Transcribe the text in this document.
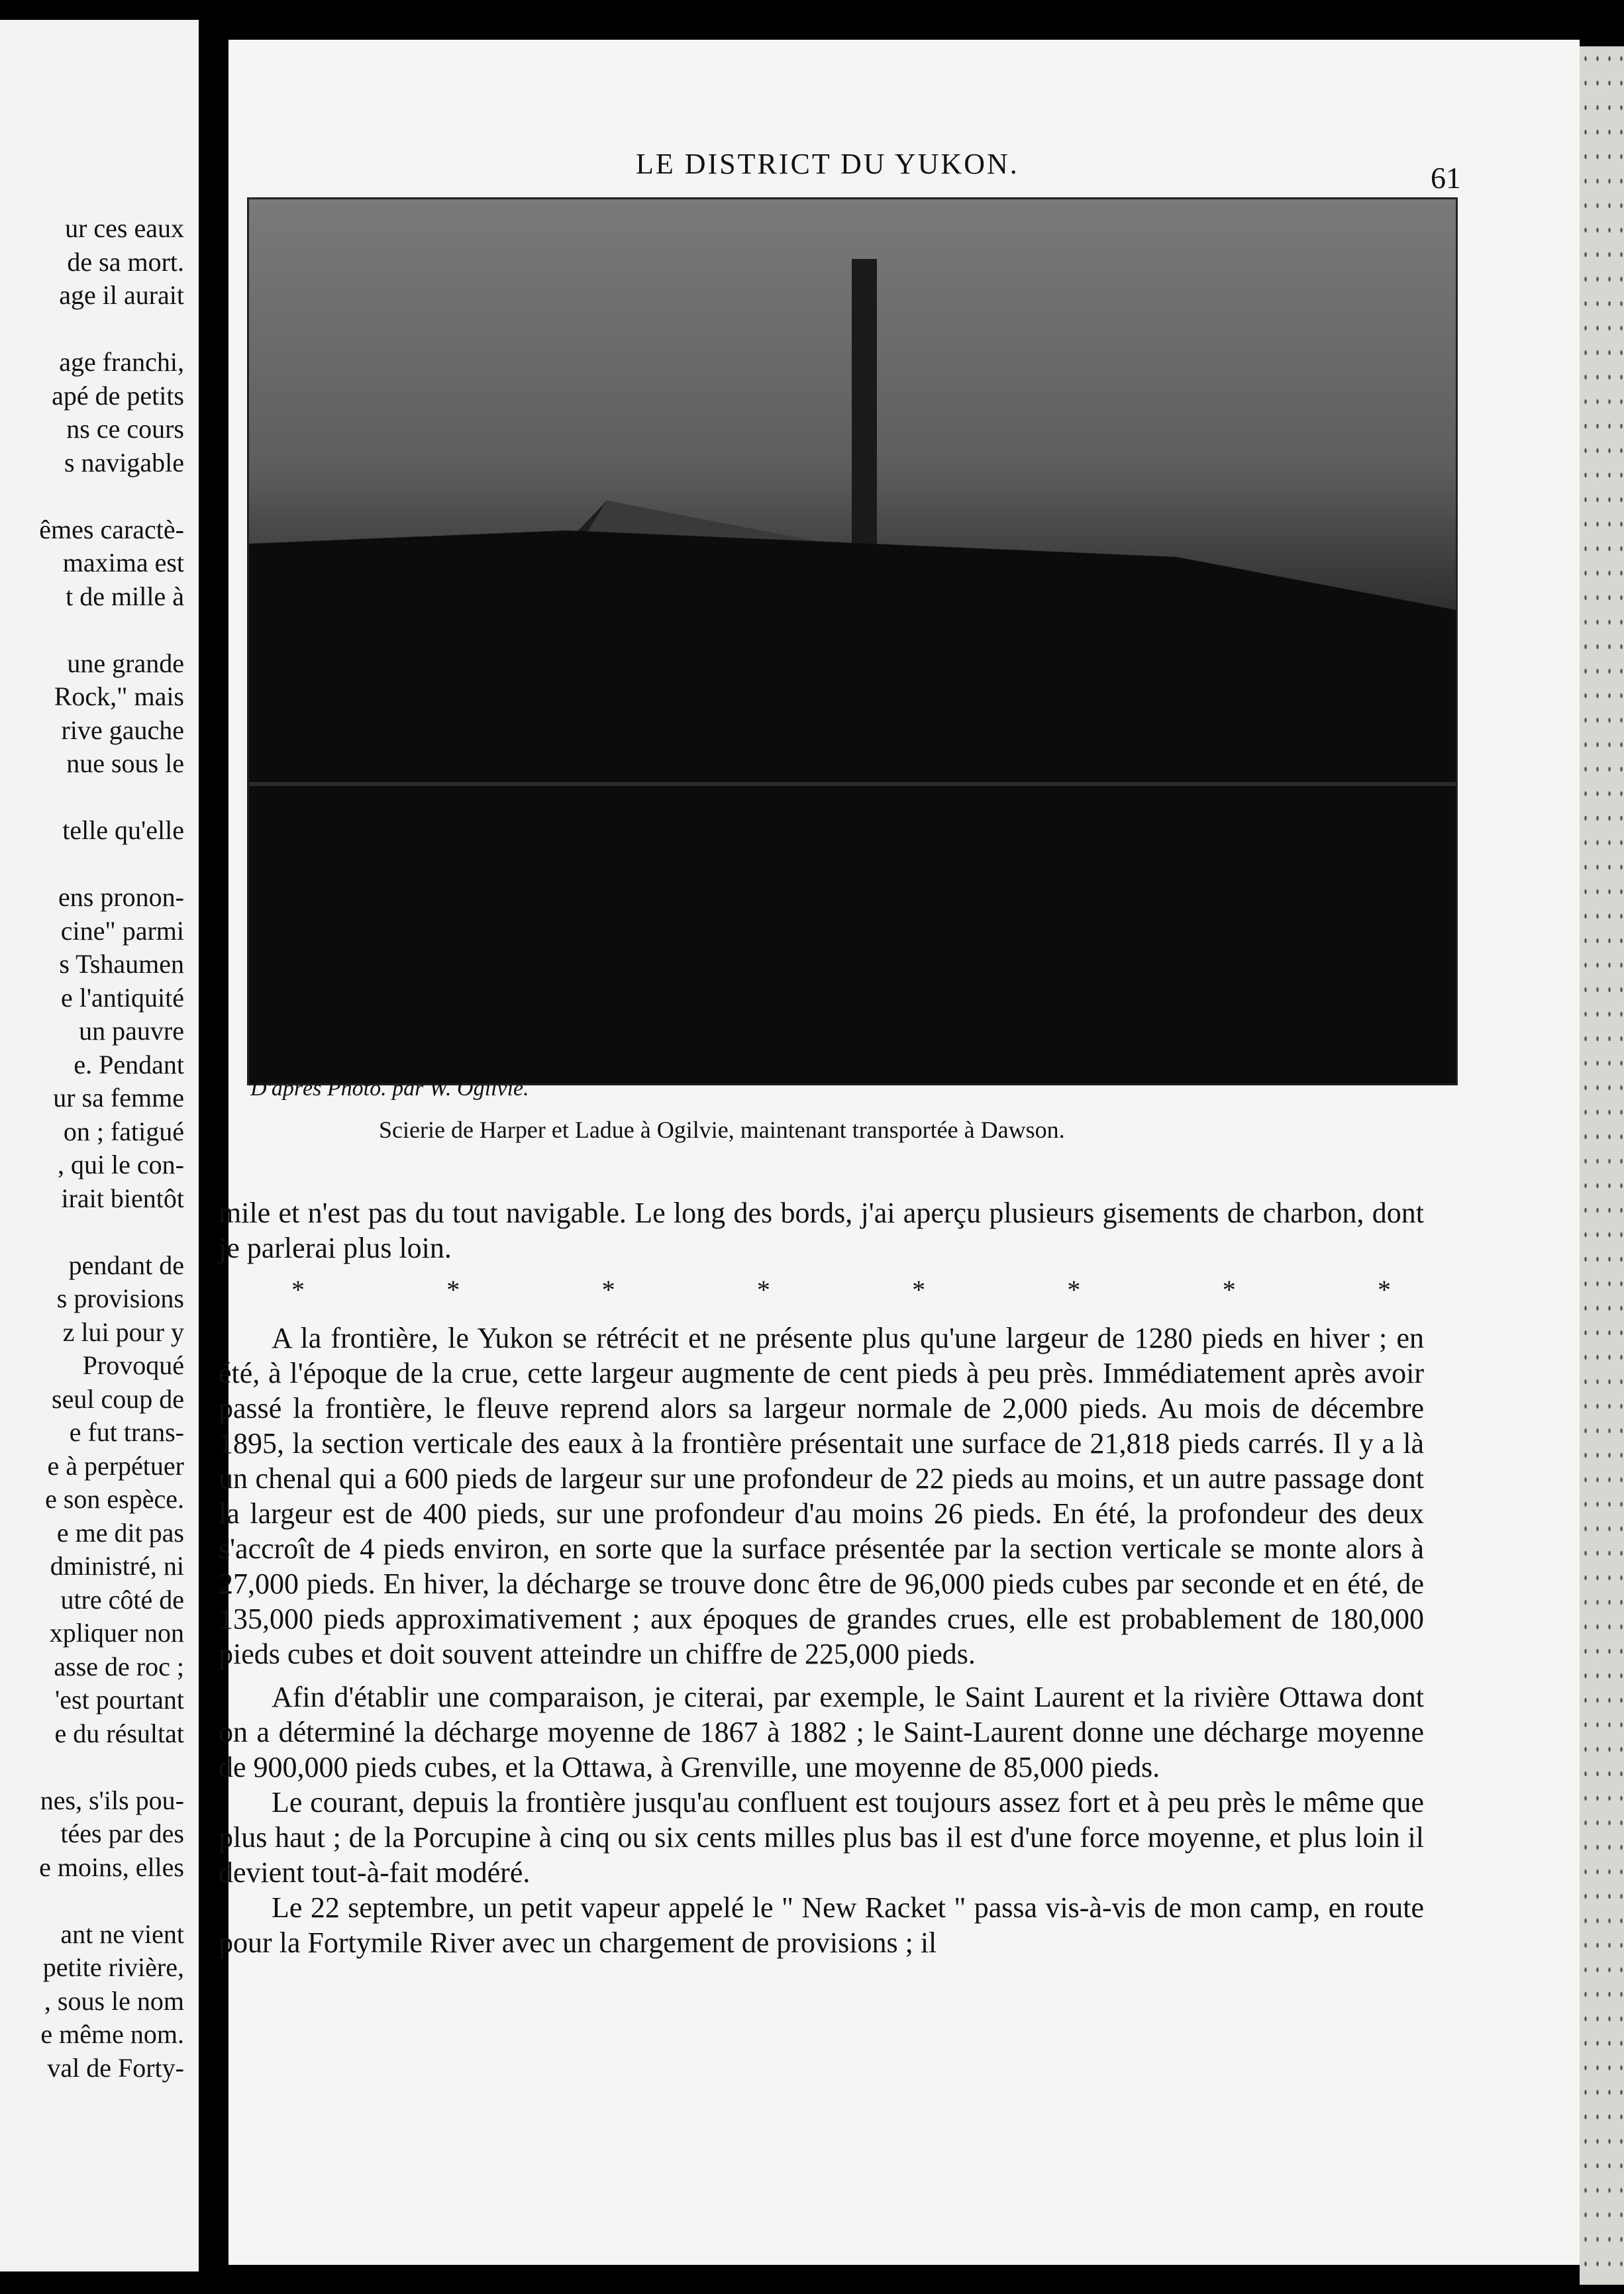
ur ces eaux
de sa mort.
age il aurait
age franchi,
apé de petits
ns ce cours
s navigable
êmes caractè-
maxima est
t de mille à
une grande
Rock," mais
rive gauche
nue sous le
telle qu'elle
ens pronon-
cine" parmi
s Tshaumen
e l'antiquité
un pauvre
e. Pendant
ur sa femme
on ; fatigué
, qui le con-
irait bientôt
pendant de
s provisions
z lui pour y
Provoqué
seul coup de
e fut trans-
e à perpétuer
e son espèce.
e me dit pas
dministré, ni
utre côté de
xpliquer non
asse de roc ;
'est pourtant
e du résultat
nes, s'ils pou-
tées par des
e moins, elles
ant ne vient
petite rivière,
, sous le nom
e même nom.
val de Forty-
LE DISTRICT DU YUKON.	61
D'après Photo. par W. Ogilvie.
Scierie de Harper et Ladue à Ogilvie, maintenant transportée à Dawson.

mile et n'est pas du tout navigable. Le long des bords, j'ai aperçu plusieurs gisements de charbon, dont je parlerai plus loin.

*	*	*	*	*	*	*	*

A la frontière, le Yukon se rétrécit et ne présente plus qu'une largeur de 1280 pieds en hiver ; en été, à l'époque de la crue, cette largeur augmente de cent pieds à peu près. Immédiatement après avoir passé la frontière, le fleuve reprend alors sa largeur normale de 2,000 pieds. Au mois de décembre 1895, la section verticale des eaux à la frontière présentait une surface de 21,818 pieds carrés. Il y a là un chenal qui a 600 pieds de largeur sur une profondeur de 22 pieds au moins, et un autre passage dont la largeur est de 400 pieds, sur une profondeur d'au moins 26 pieds. En été, la profondeur des deux s'accroît de 4 pieds environ, en sorte que la surface présentée par la section verticale se monte alors à 27,000 pieds. En hiver, la décharge se trouve donc être de 96,000 pieds cubes par seconde et en été, de 135,000 pieds approximativement ; aux époques de grandes crues, elle est probablement de 180,000 pieds cubes et doit souvent atteindre un chiffre de 225,000 pieds.

Afin d'établir une comparaison, je citerai, par exemple, le Saint Laurent et la rivière Ottawa dont on a déterminé la décharge moyenne de 1867 à 1882 ; le Saint-Laurent donne une décharge moyenne de 900,000 pieds cubes, et la Ottawa, à Grenville, une moyenne de 85,000 pieds.

Le courant, depuis la frontière jusqu'au confluent est toujours assez fort et à peu près le même que plus haut ; de la Porcupine à cinq ou six cents milles plus bas il est d'une force moyenne, et plus loin il devient tout-à-fait modéré.

Le 22 septembre, un petit vapeur appelé le " New Racket " passa vis-à-vis de mon camp, en route pour la Fortymile River avec un chargement de provisions ; il
